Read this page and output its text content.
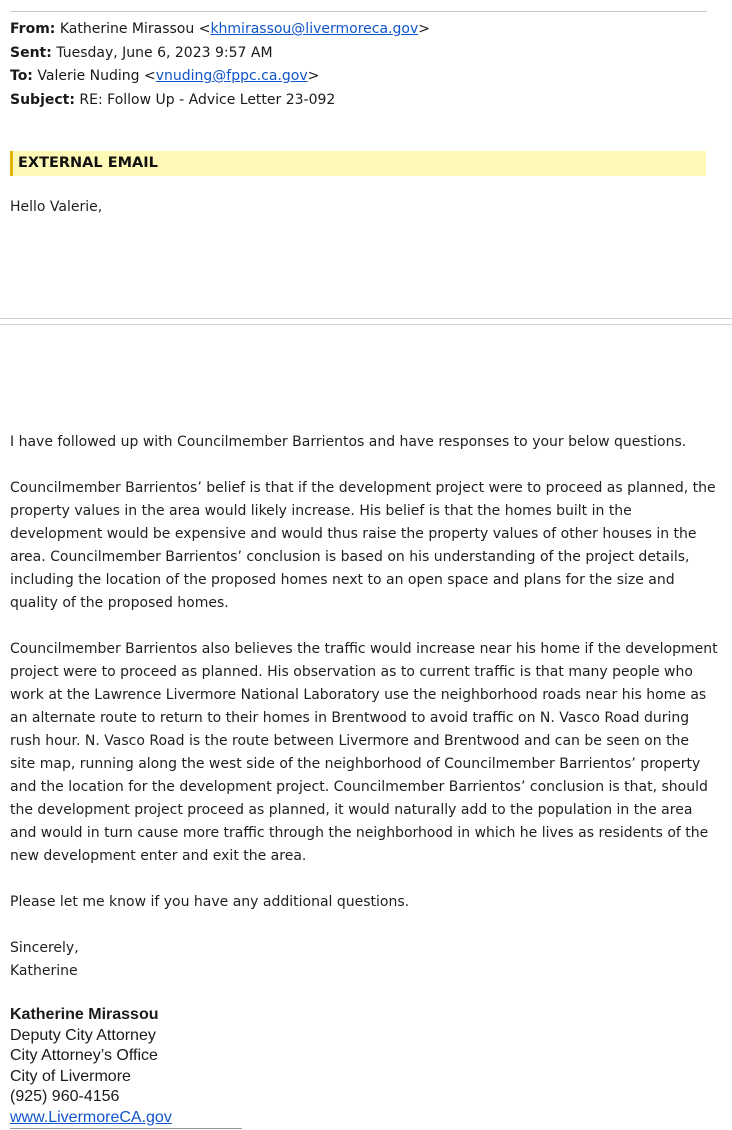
From: Katherine Mirassou <khmirassou@livermoreca.gov>
Sent: Tuesday, June 6, 2023 9:57 AM
To: Valerie Nuding <vnuding@fppc.ca.gov>
Subject: RE: Follow Up - Advice Letter 23-092
EXTERNAL EMAIL
Hello Valerie,

I have followed up with Councilmember Barrientos and have responses to your below questions.

Councilmember Barrientos’ belief is that if the development project were to proceed as planned, the property values in the area would likely increase. His belief is that the homes built in the development would be expensive and would thus raise the property values of other houses in the area. Councilmember Barrientos’ conclusion is based on his understanding of the project details, including the location of the proposed homes next to an open space and plans for the size and quality of the proposed homes.

Councilmember Barrientos also believes the traffic would increase near his home if the development project were to proceed as planned. His observation as to current traffic is that many people who work at the Lawrence Livermore National Laboratory use the neighborhood roads near his home as an alternate route to return to their homes in Brentwood to avoid traffic on N. Vasco Road during rush hour. N. Vasco Road is the route between Livermore and Brentwood and can be seen on the site map, running along the west side of the neighborhood of Councilmember Barrientos’ property and the location for the development project. Councilmember Barrientos’ conclusion is that, should the development project proceed as planned, it would naturally add to the population in the area and would in turn cause more traffic through the neighborhood in which he lives as residents of the new development enter and exit the area.

Please let me know if you have any additional questions.

Sincerely,
Katherine
Katherine Mirassou
Deputy City Attorney
City Attorney’s Office
City of Livermore
(925) 960-4156
www.LivermoreCA.gov
